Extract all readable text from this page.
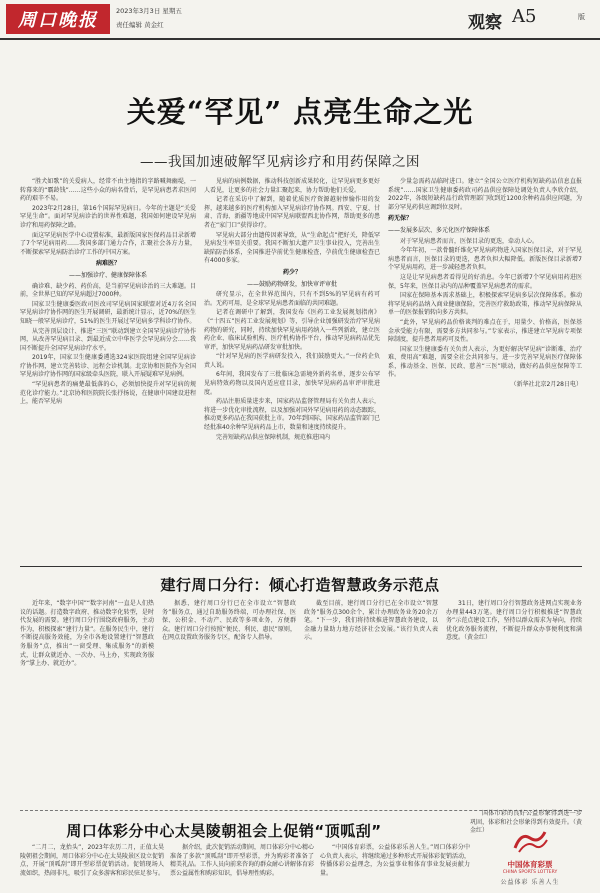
周口晚报	2023年3月3日 星期五
责任编辑 黄金红	观察 A5	版
关爱“罕见” 点亮生命之光
——我国加速破解罕见病诊疗和用药保障之困

“胜犬如歌”的关爱病人，经常不由主地指的字路喊舞幽堤，一转幕来的“霸龄钱”……这些小众的病名骨后，是罕见病患者求医问药的艰辛不易。

2023年2月28日，第16个国际罕见病日。今年的主题是“关爱罕见生命”。面对罕见病诊治的世界性难题，我国如何建设罕见病诊疗和用药保障之路。

面这罕见病医学中心设置标准，最新版国家医保药品目录新增了7个罕见病用药……我国多部门通力合作，汇聚社会各方力量，不断探索罕见病防治诊疗工作的中国方案。

病难医？
——加强诊疗、健康保障体系

确诊难、缺少药、药价高，是当前罕见病诊治的三大难题。目前，全世界已知的罕见病超过7000种。

国家卫生健康委医政司医改司罕见病国家联盟对近4万名全国罕见病诊疗协作网的医生开展调研，最新统计显示，近70%的医生知晓一般罕见病诊疗，51%的医生开展过罕见病多学科诊疗协作。

从完善顶层设计、推进“三医”联动到建立全国罕见病诊疗协作网，从改善罕见病目录、到最近成立中华医学会罕见病分会……我国不断提升全国罕见病诊疗水平。

2019年，国家卫生健康委遴选324家医院组建全国罕见病诊疗协作网，建立完善转诊、远程会诊机制。北京协和医院作为全国罕见病诊疗协作网的国家级牵头医院，联入开展疑难罕见病例。

“罕见病患者的痛楚最低落的心，必须加快提升对罕见病的规范化诊疗能力。”北京协和医院院长张抒扬说，在健康中国建设进程上，能否罕见病

见病的病例数据，推动科技创新成果转化，让罕见病更多更好人看见，让更多的社会力量汇聚起来，协力帮助他们关爱。

记者在采访中了解到，随着优质医疗资源越射惨愉作用的发挥，越来越多的医疗机构加入罕见病诊疗协作网。西安、宁夏、甘肃、青海、新疆等地成中国罕见病联盟西北协作网，帮助更多的患者在“家门口”获得诊疗。

罕见病大部分由遗传因素导致，从“生命起点”把好关，降低罕见病发生率显关重要。我国不断加大遗产卫生事业投入，完善出生缺陷防治体系，全国推进孕前优生健康检查，孕前优生健康检查已有4000多家。

药少？
——鼓励药物研发，加快审评审批

研究显示，在全世界范围内，只有不到5%的罕见病有药可治。无药可用，是全球罕见病患者面临的共同难题。

记者在调研中了解到，我国发布《医药工业发展规划指南》《“十四五”医药工业发展规划》等，引导企业加强研发治疗罕见病药物的研究，同时，持续加快罕见病用药纳入一些列新政，建立医药企业、临床试验机构、医疗机构协作平台，推动罕见病药品优先审评，加快罕见病药品研发审批加快。

“针对罕见病的医学病研发投入，我们鼓励更大。”一位药企负责人说。

6年间，我国发布了三批临床急需境外新药名单，逐步公布罕见病特效药物以及国内适应症目录，加快罕见病药品审评审批进度。

药品注册质量进步来，国家药品监督管理局有关负责人表示，将进一步优化审批流程，以及加强对国外罕见病用药的动态跟踪，推动更多药品在我国获批上市。70年到国际，国家药品监管部门已经批准40余种罕见病药品上市，数量和速度持续提升。

完善短缺药品供应保障机制，规范推进国内

少量急需药品临时进口。建立“全国公立医疗机构短缺药品信息直报系统”……国家卫生健康委药政司药品供应保障处调处负责人李欣介绍，2022年，各级短缺药品行政管理部门收到近1200余种药品供应问题，为部分罕见药供应调到位及时。

药无保？
——发展多层次、多元化医疗保障体系

对于罕见病患者而言，医保目录的更迭，牵动人心。

今年年初，一款骨髓纤维化罕见病药物进入国家医保目录，对于罕见病患者而言，医保目录的更迭，患者负担大幅降低。新版医保目录新增7个罕见病用药，进一步减轻患者负担。

这是让罕见病患者看得见的好消息。今年已新增7个罕见病用药进医保，5年来，医保目录内的品种覆盖罕见病患者的需求。

国家在保障基本需求基础上，积极探索罕见病多层次保障体系。推动将罕见病药品纳入商业健康保险，完善医疗救助政策，推动罕见病保障从单一的医保报销转向多方共担。

“此外，罕见病药品价格谈判的难点在于，用量少、价格高，医保基金承受能力有限，需要多方共同参与。”专家表示，推进建立罕见病专项保障制度，提升患者用药可及性。

国家卫生健康委有关负责人表示，为更好解决罕见病“诊断难、治疗难、费用高”难题，需要全社会共同参与，进一步完善罕见病医疗保障体系，推动基金、医保、民政、慈善“三医”联动，做好药品供应保障等工作。

（新华社北京2月28日电）

建行周口分行：倾心打造智慧政务示范点

近年来，“数字中国”“数字河南”一直是人们热议的话题。打造数字政府、推动数字化转型，是时代发展的需要。建行周口分行围绕政府服务，主动作为，积极探索“建行力量”。在服务民生中，建行不断提高服务效能，为全市各地设置建行“智慧政务服务”点，推出“一窗受理、集成服务”的新模式，让群众就近办、一次办、马上办，实现政务服务“掌上办、就近办”。

据悉，建行周口分行已在全市设立“智慧政务”服务点，通过自助服务终端，可办理社保、医保、公积金、不动产、民政等多项业务，方便群众。建行周口分行按照“便民、利民、惠民”原则，在网点设置政务服务专区，配备专人指导。

截至目前，建行周口分行已在全市设立“智慧政务”服务点300余个，累计办理政务业务20余万笔。“下一步，我们将持续推进智慧政务建设，以金融力量助力地方经济社会发展。”该行负责人表示。

31日，建行周口分行智慧政务进网点实现业务办理量443万笔。建行周口分行积极推进“智慧政务”示范点建设工作，坚持以群众需求为导向，持续优化政务服务流程，不断提升群众办事便利度和满意度。（黄金红）

周口体彩分中心太昊陵朝祖会上促销“顶呱刮”

“二月二，龙抬头”，2023年农历二月，正值太昊陵朝祖会期间，周口体彩分中心在太昊陵景区设立促销点，开展“顶呱刮”即开型彩票促销活动。促销现场人流如织，热闹非凡，吸引了众多游客和彩民驻足参与。

据介绍，此次促销活动期间，周口体彩分中心精心准备了多款“顶呱刮”即开型彩票，并为购彩者准备了精美礼品。工作人员向前来咨询的群众耐心讲解体育彩票公益属性和购彩知识，倡导理性购彩。

“中国体育彩票，公益体彩乐善人生。”周口体彩分中心负责人表示，将继续通过多种形式开展体彩促销活动，传播体彩公益理念，为公益事业和体育事业发展贡献力量。

国体市彩的良好公益形象得到进一步巩固，体彩和社会形象得到有效提升。（黄金红）

中国体育彩票
CHINA SPORTS LOTTERY
公益体彩 乐善人生
